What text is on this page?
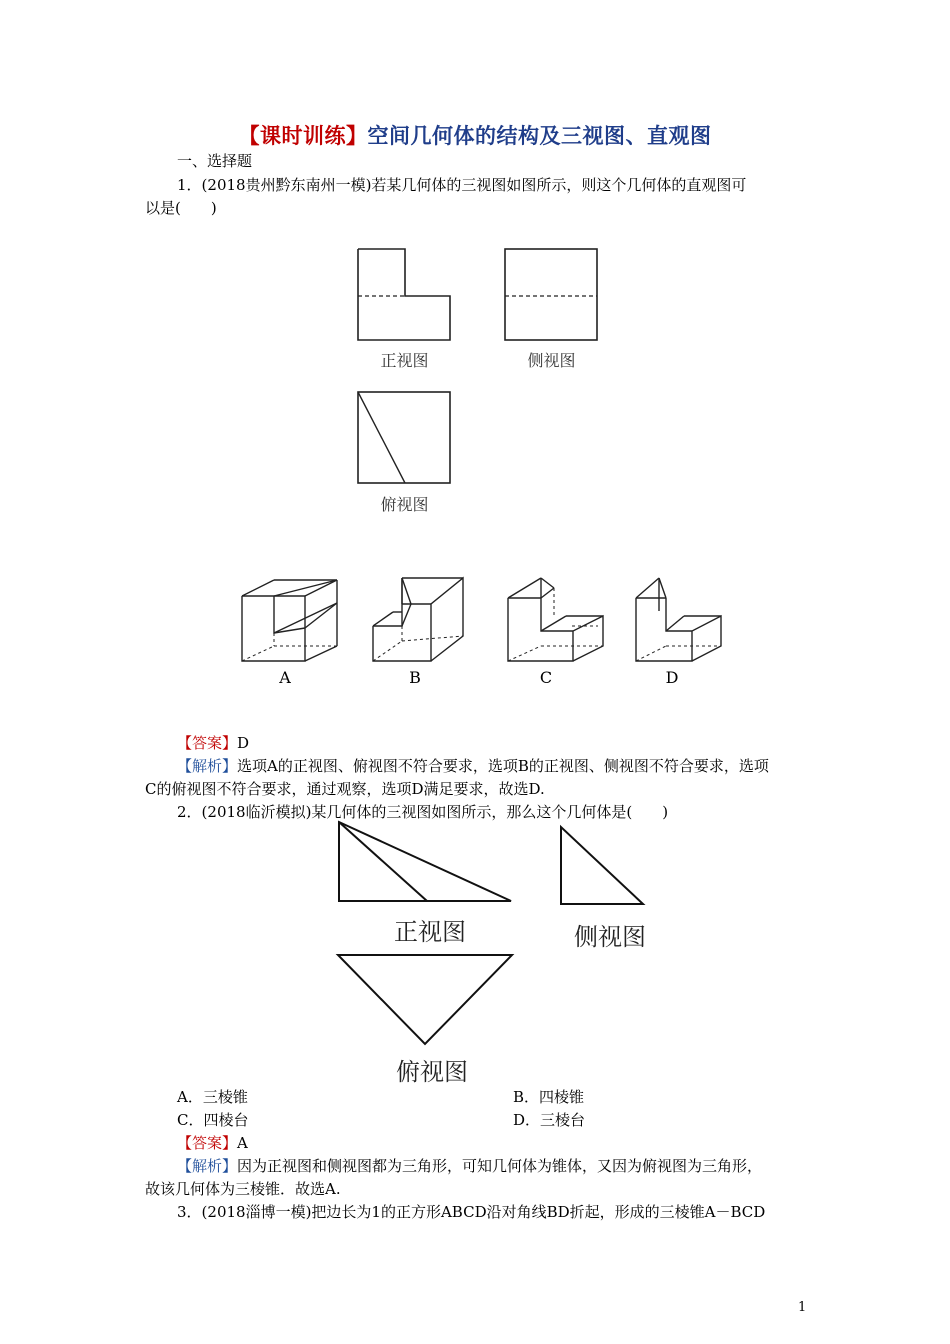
【课时训练】空间几何体的结构及三视图、直观图
一、选择题
1．(2018贵州黔东南州一模)若某几何体的三视图如图所示，则这个几何体的直观图可
以是(　　)
正视图	侧视图
俯视图
A	B	C	D
【答案】D
【解析】选项A的正视图、俯视图不符合要求，选项B的正视图、侧视图不符合要求，选项
C的俯视图不符合要求，通过观察，选项D满足要求，故选D.
2．(2018临沂模拟)某几何体的三视图如图所示，那么这个几何体是(　　)
正视图	侧视图
俯视图
A．三棱锥	B．四棱锥
C．四棱台	D．三棱台
【答案】A
【解析】因为正视图和侧视图都为三角形，可知几何体为锥体，又因为俯视图为三角形，
故该几何体为三棱锥．故选A.
3．(2018淄博一模)把边长为1的正方形ABCD沿对角线BD折起，形成的三棱锥A－BCD
1
